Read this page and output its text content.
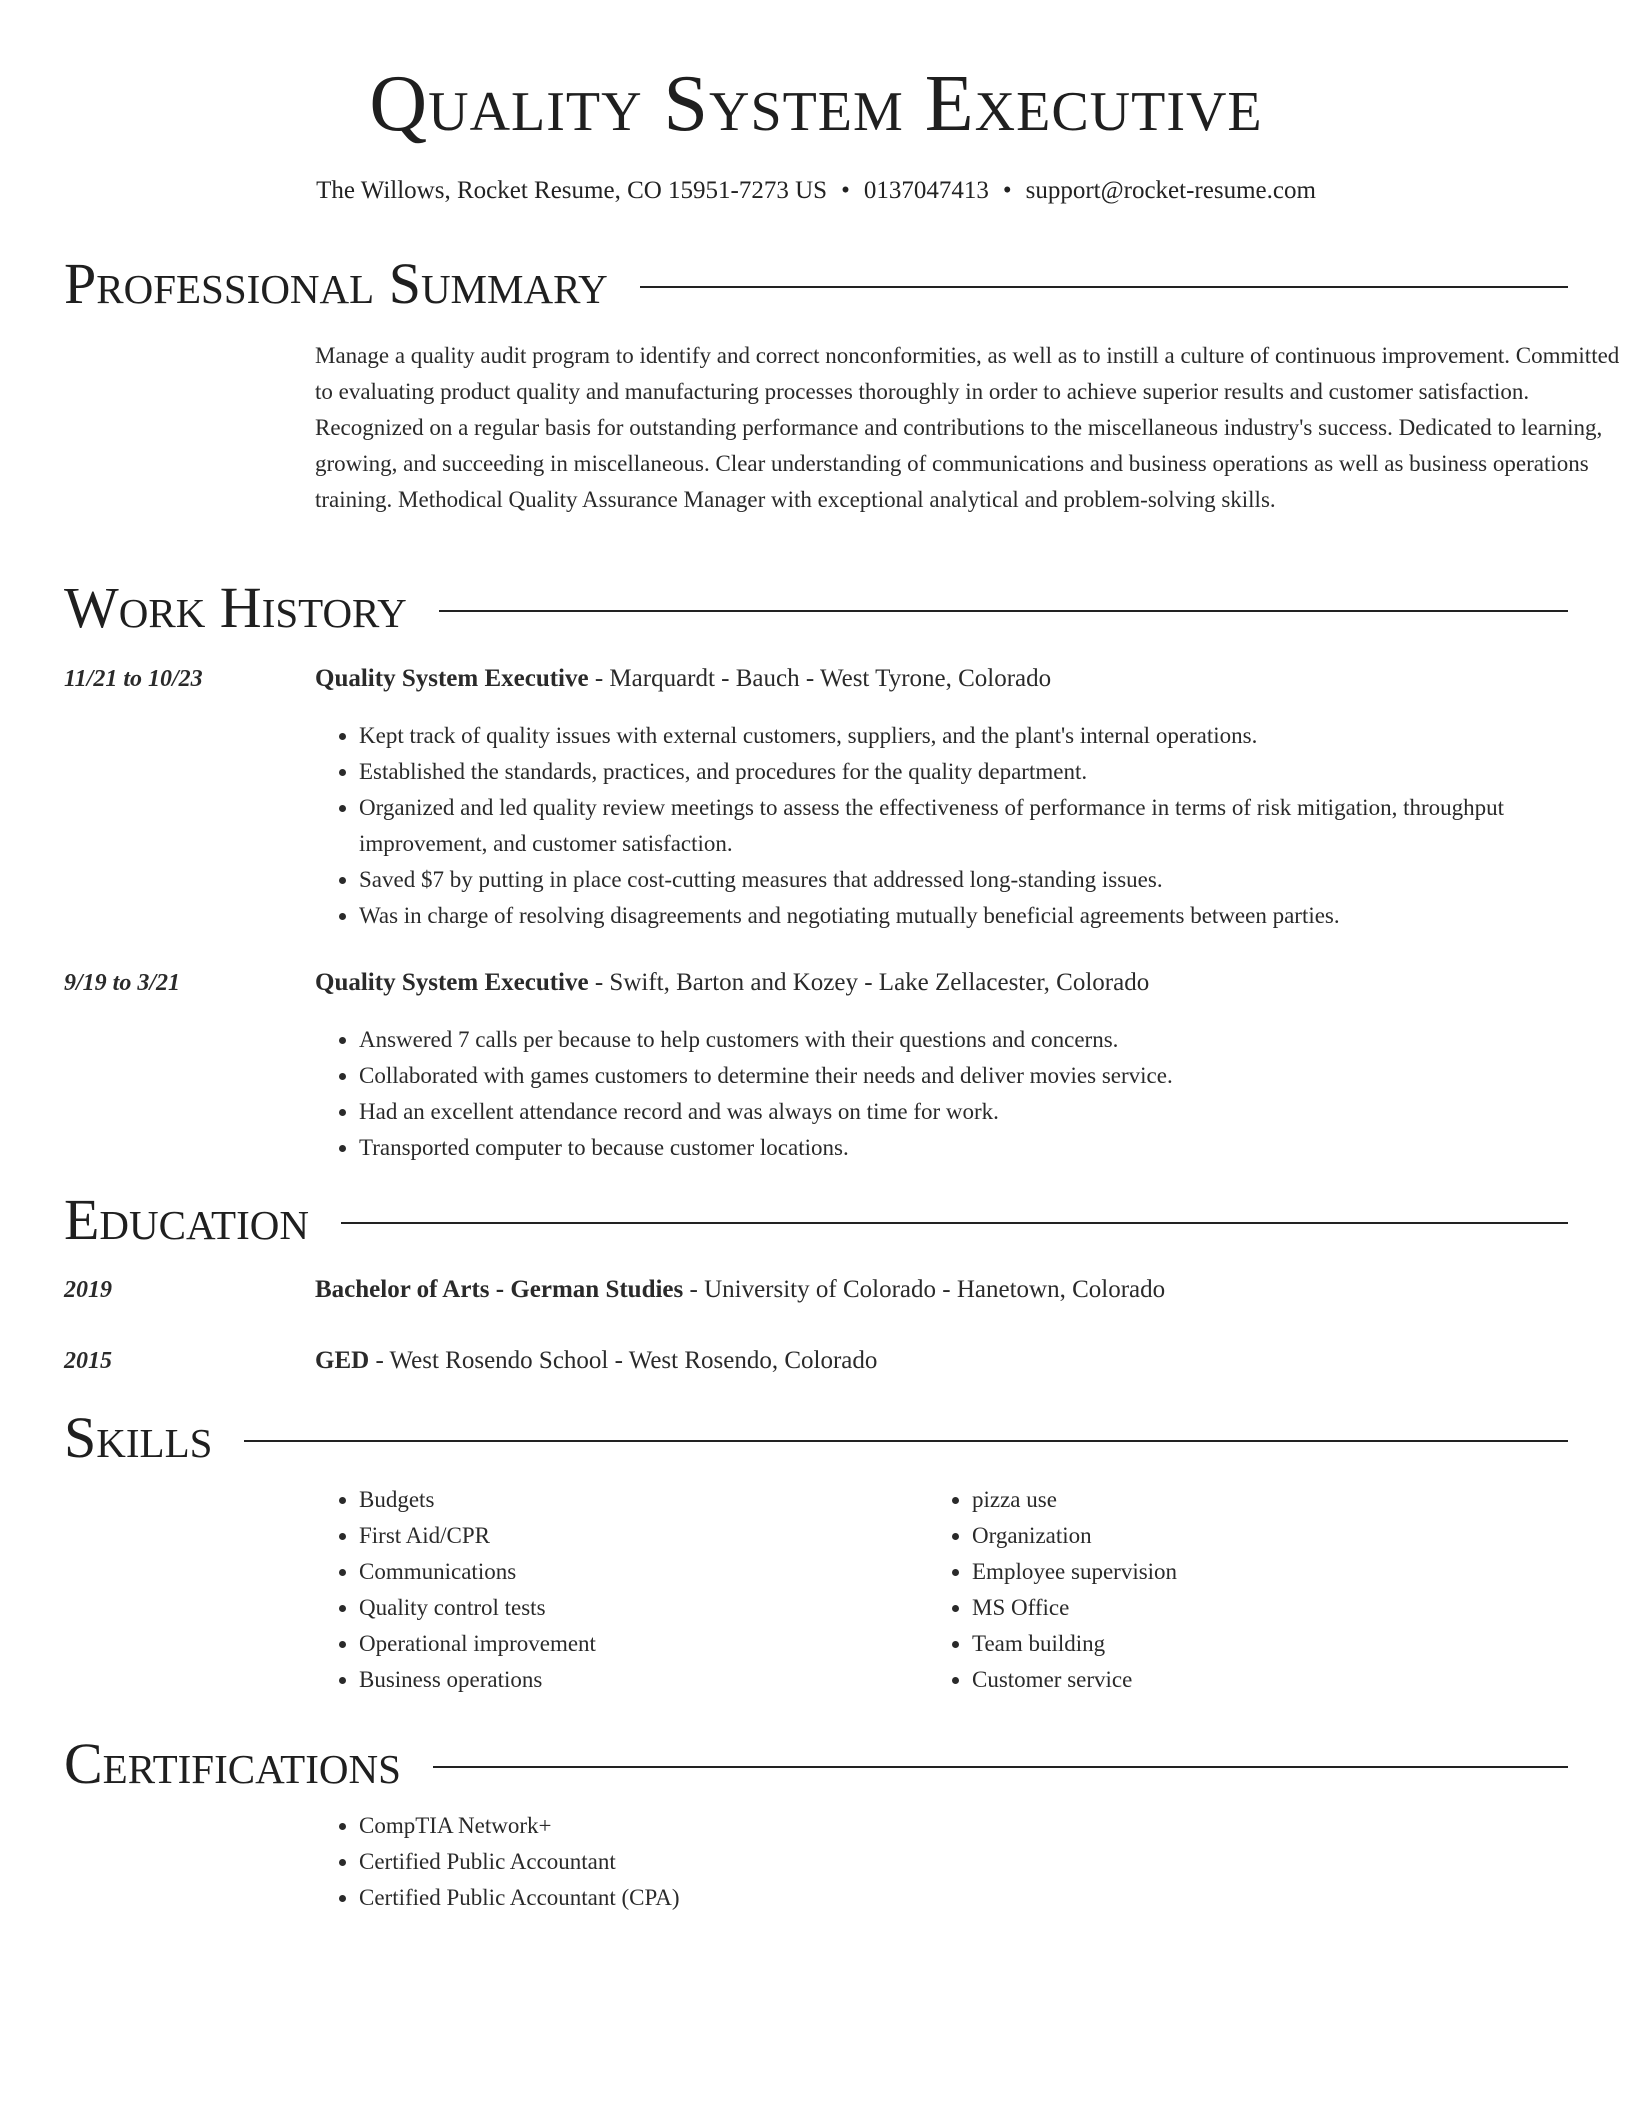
Quality System Executive
The Willows, Rocket Resume, CO 15951-7273 US • 0137047413 • support@rocket-resume.com
Professional Summary
Manage a quality audit program to identify and correct nonconformities, as well as to instill a culture of continuous improvement. Committed to evaluating product quality and manufacturing processes thoroughly in order to achieve superior results and customer satisfaction. Recognized on a regular basis for outstanding performance and contributions to the miscellaneous industry's success. Dedicated to learning, growing, and succeeding in miscellaneous. Clear understanding of communications and business operations as well as business operations training. Methodical Quality Assurance Manager with exceptional analytical and problem-solving skills.
Work History
11/21 to 10/23	Quality System Executive - Marquardt - Bauch - West Tyrone, Colorado
• Kept track of quality issues with external customers, suppliers, and the plant's internal operations.
• Established the standards, practices, and procedures for the quality department.
• Organized and led quality review meetings to assess the effectiveness of performance in terms of risk mitigation, throughput improvement, and customer satisfaction.
• Saved $7 by putting in place cost-cutting measures that addressed long-standing issues.
• Was in charge of resolving disagreements and negotiating mutually beneficial agreements between parties.
9/19 to 3/21	Quality System Executive - Swift, Barton and Kozey - Lake Zellacester, Colorado
• Answered 7 calls per because to help customers with their questions and concerns.
• Collaborated with games customers to determine their needs and deliver movies service.
• Had an excellent attendance record and was always on time for work.
• Transported computer to because customer locations.
Education
2019	Bachelor of Arts - German Studies - University of Colorado - Hanetown, Colorado
2015	GED - West Rosendo School - West Rosendo, Colorado
Skills
• Budgets
• First Aid/CPR
• Communications
• Quality control tests
• Operational improvement
• Business operations
• pizza use
• Organization
• Employee supervision
• MS Office
• Team building
• Customer service
Certifications
• CompTIA Network+
• Certified Public Accountant
• Certified Public Accountant (CPA)
